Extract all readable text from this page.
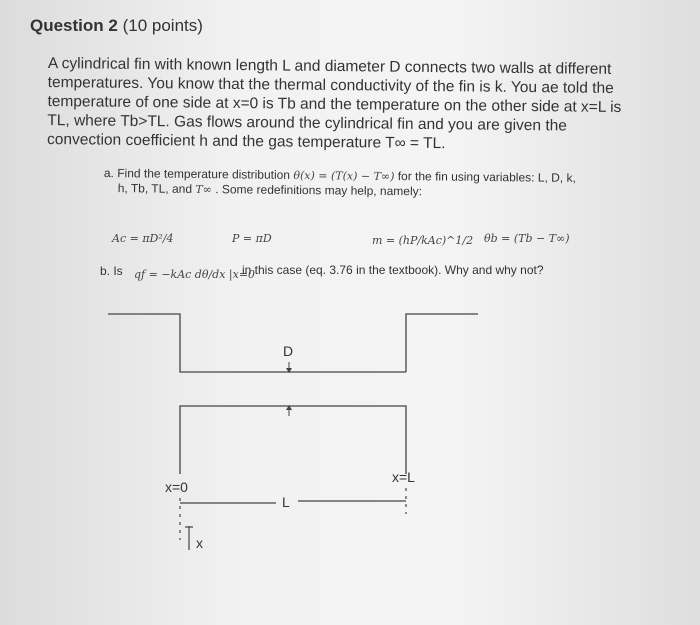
Question 2 (10 points)

A cylindrical fin with known length L and diameter D connects two walls at different

temperatures. You know that the thermal conductivity of the fin is k. You ae told the

temperature of one side at x=0 is Tb and the temperature on the other side at x=L is

TL, where Tb>TL. Gas flows around the cylindrical fin and you are given the

convection coefficient h and the gas temperature T∞ = TL.

a. Find the temperature distribution θ(x) = (T(x) − T∞) for the fin using variables: L, D, k,

h, Tb, TL, and T∞ . Some redefinitions may help, namely:

Ac = πD²/4	P = πD	m = (hP/kAc)^1/2 θb = (Tb − T∞)
b. Is qf = −kAc dθ/dx |x=0
in this case (eq. 3.76 in the textbook). Why and why not?
D
x=0
x=L
L
x
